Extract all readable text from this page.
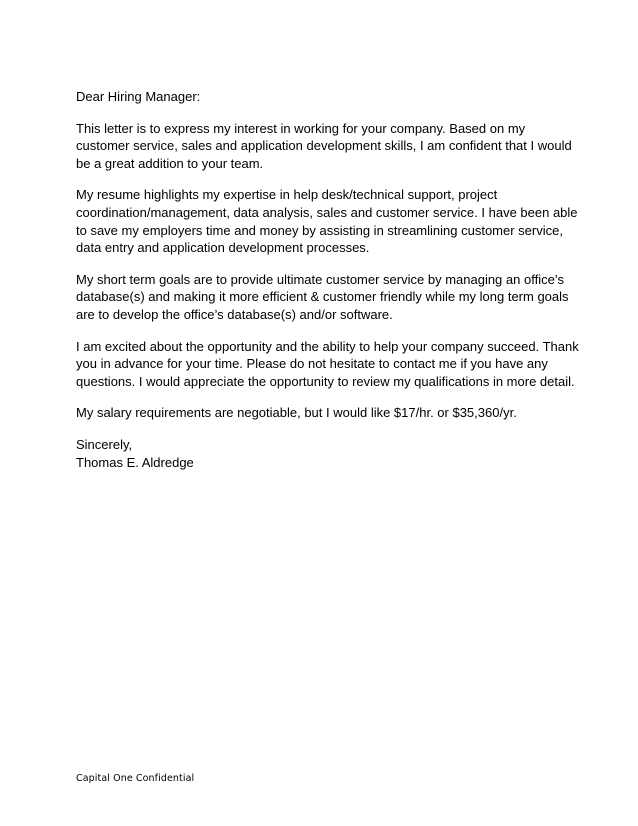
Dear Hiring Manager:

This letter is to express my interest in working for your company. Based on my
customer service, sales and application development skills, I am confident that I would
be a great addition to your team.

My resume highlights my expertise in help desk/technical support, project
coordination/management, data analysis, sales and customer service. I have been able
to save my employers time and money by assisting in streamlining customer service,
data entry and application development processes.

My short term goals are to provide ultimate customer service by managing an office’s
database(s) and making it more efficient & customer friendly while my long term goals
are to develop the office’s database(s) and/or software.

I am excited about the opportunity and the ability to help your company succeed. Thank
you in advance for your time. Please do not hesitate to contact me if you have any
questions. I would appreciate the opportunity to review my qualifications in more detail.

My salary requirements are negotiable, but I would like $17/hr. or $35,360/yr.

Sincerely,
Thomas E. Aldredge

Capital One Confidential
